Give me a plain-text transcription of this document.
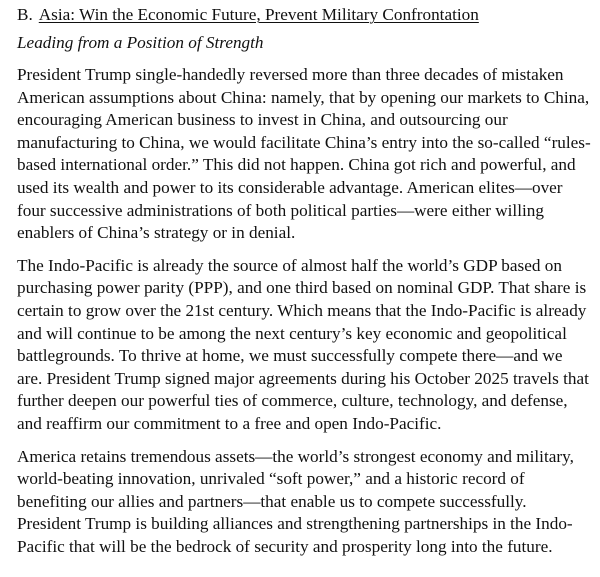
B. Asia: Win the Economic Future, Prevent Military Confrontation
Leading from a Position of Strength
President Trump single-handedly reversed more than three decades of mistaken
American assumptions about China: namely, that by opening our markets to China,
encouraging American business to invest in China, and outsourcing our
manufacturing to China, we would facilitate China’s entry into the so-called “rules-
based international order.” This did not happen. China got rich and powerful, and
used its wealth and power to its considerable advantage. American elites—over
four successive administrations of both political parties—were either willing
enablers of China’s strategy or in denial.
The Indo-Pacific is already the source of almost half the world’s GDP based on
purchasing power parity (PPP), and one third based on nominal GDP. That share is
certain to grow over the 21st century. Which means that the Indo-Pacific is already
and will continue to be among the next century’s key economic and geopolitical
battlegrounds. To thrive at home, we must successfully compete there—and we
are. President Trump signed major agreements during his October 2025 travels that
further deepen our powerful ties of commerce, culture, technology, and defense,
and reaffirm our commitment to a free and open Indo-Pacific.
America retains tremendous assets—the world’s strongest economy and military,
world-beating innovation, unrivaled “soft power,” and a historic record of
benefiting our allies and partners—that enable us to compete successfully.
President Trump is building alliances and strengthening partnerships in the Indo-
Pacific that will be the bedrock of security and prosperity long into the future.
